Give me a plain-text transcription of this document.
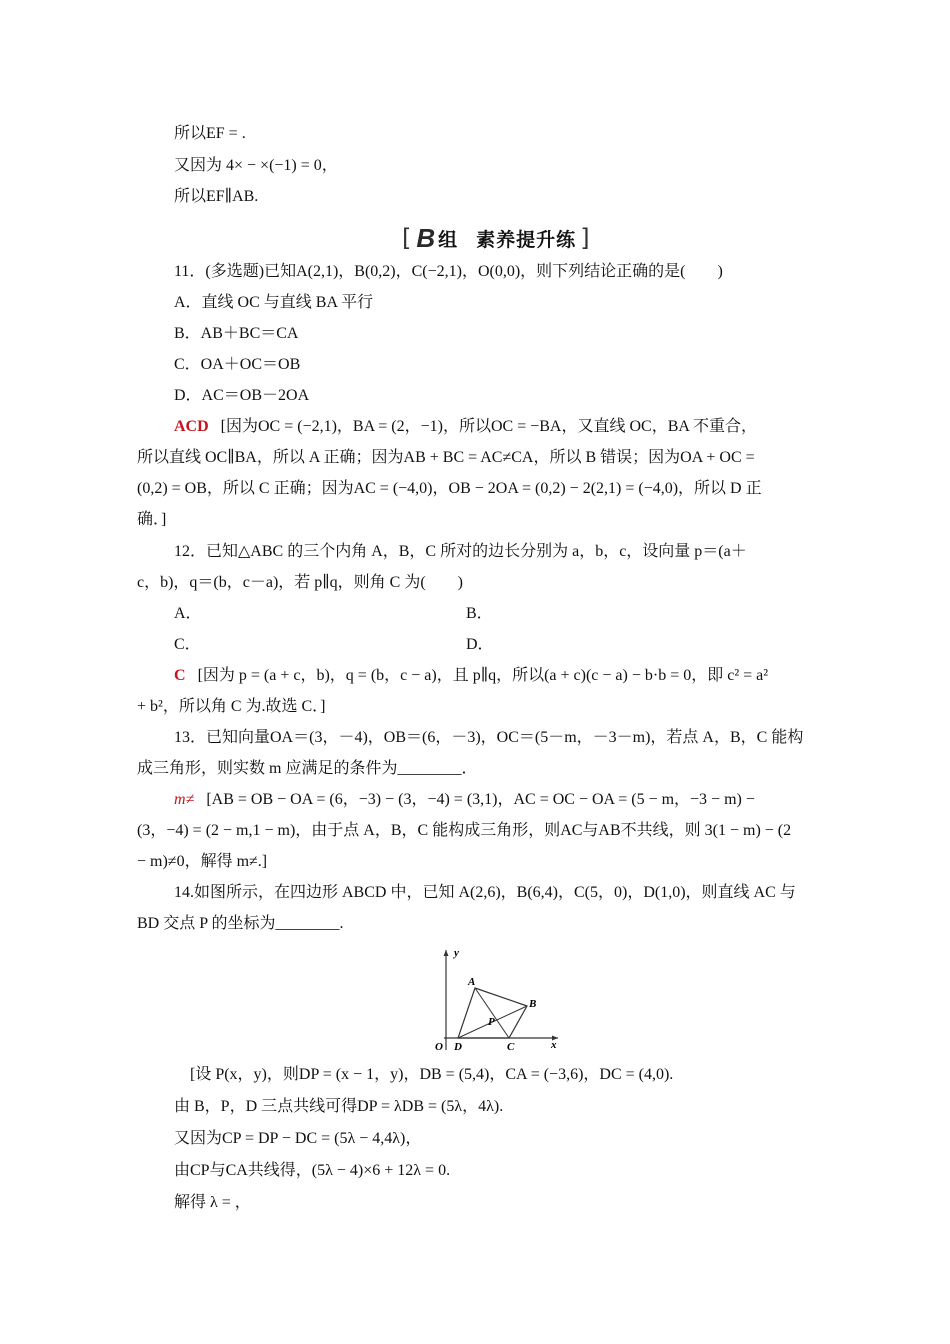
所以EF = .
又因为 4× − ×(−1) = 0，
所以EF∥AB.
[ B 组 素养提升练 ]
11．(多选题)已知A(2,1)，B(0,2)，C(−2,1)，O(0,0)，则下列结论正确的是(　　)
A．直线 OC 与直线 BA 平行
B．AB＋BC＝CA
C．OA＋OC＝OB
D．AC＝OB－2OA
ACD [因为OC = (−2,1)，BA = (2，−1)，所以OC = −BA，又直线 OC，BA 不重合，
所以直线 OC∥BA，所以 A 正确；因为AB + BC = AC≠CA，所以 B 错误；因为OA + OC =
(0,2) = OB，所以 C 正确；因为AC = (−4,0)，OB − 2OA = (0,2) − 2(2,1) = (−4,0)，所以 D 正
确．]
12．已知△ABC 的三个内角 A，B，C 所对的边长分别为 a，b，c，设向量 p＝(a＋
c，b)，q＝(b，c－a)，若 p∥q，则角 C 为(　　)
A．	B．
C．	D．
C [因为 p = (a + c，b)，q = (b，c − a)，且 p∥q，所以(a + c)(c − a) − b·b = 0，即 c² = a²
+ b²，所以角 C 为.故选 C．]
13．已知向量OA＝(3，－4)，OB＝(6，－3)，OC＝(5－m，－3－m)，若点 A，B，C 能构
成三角形，则实数 m 应满足的条件为________．
m≠ [AB = OB − OA = (6，−3) − (3，−4) = (3,1)，AC = OC − OA = (5 − m，−3 − m) −
(3，−4) = (2 − m,1 − m)，由于点 A，B，C 能构成三角形，则AC与AB不共线，则 3(1 − m) − (2
− m)≠0，解得 m≠.]
14.如图所示，在四边形 ABCD 中，已知 A(2,6)，B(6,4)，C(5，0)，D(1,0)，则直线 AC 与
BD 交点 P 的坐标为________.
y
x
O
A
B
C
D
P
[设 P(x，y)，则DP = (x − 1，y)，DB = (5,4)，CA = (−3,6)，DC = (4,0).
由 B，P，D 三点共线可得DP = λDB = (5λ，4λ).
又因为CP = DP − DC = (5λ − 4,4λ)，
由CP与CA共线得，(5λ − 4)×6 + 12λ = 0.
解得 λ = ，
